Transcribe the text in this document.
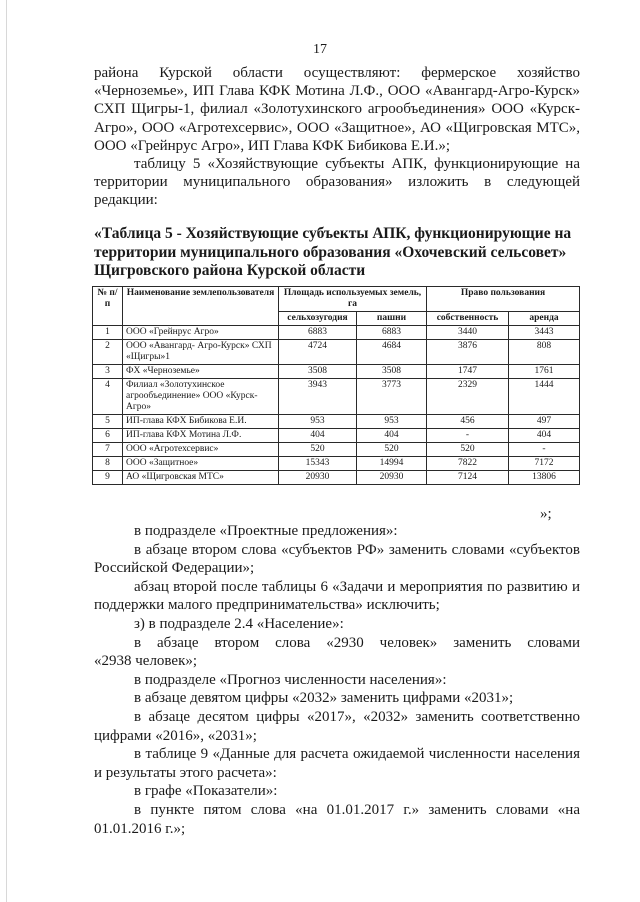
17

района Курской области осуществляют: фермерское хозяйство

«Черноземье», ИП Глава КФК Мотина Л.Ф., ООО «Авангард-Агро-Курск»

СХП Щигры-1, филиал «Золотухинского агрообъединения» ООО «Курск-

Агро», ООО «Агротехсервис», ООО «Защитное», АО «Щигровская МТС»,

ООО «Грейнрус Агро», ИП Глава КФК Бибикова Е.И.»;

таблицу 5 «Хозяйствующие субъекты АПК, функционирующие на

территории муниципального образования» изложить в следующей

редакции:

«Таблица 5 - Хозяйствующие субъекты АПК, функционирующие на
территории муниципального образования «Охочевский сельсовет»
Щигровского района Курской области
№ п/п	Наименование землепользователя	Площадь используемых земель, га		Право пользования	
		сельхозугодия	пашни	собственность	аренда
1	ООО «Грейнрус Агро»	6883	6883	3440	3443
2	ООО «Авангард- Агро-Курск» СХП «Щигры»1	4724	4684	3876	808
3	ФХ «Черноземье»	3508	3508	1747	1761
4	Филиал «Золотухинское агрообъединение» ООО «Курск-Агро»	3943	3773	2329	1444
5	ИП-глава КФХ Бибикова Е.И.	953	953	456	497
6	ИП-глава КФХ Мотина Л.Ф.	404	404	-	404
7	ООО «Агротехсервис»	520	520	520	-
8	ООО «Защитное»	15343	14994	7822	7172
9	АО «Щигровская МТС»	20930	20930	7124	13806
»;

в подразделе «Проектные предложения»:

в абзаце втором слова «субъектов РФ» заменить словами «субъектов

Российской Федерации»;

абзац второй после таблицы 6 «Задачи и мероприятия по развитию и

поддержки малого предпринимательства» исключить;

з) в подразделе 2.4 «Население»:

в абзаце втором слова «2930 человек» заменить словами

«2938 человек»;

в подразделе «Прогноз численности населения»:

в абзаце девятом цифры «2032» заменить цифрами «2031»;

в абзаце десятом цифры «2017», «2032» заменить соответственно

цифрами «2016», «2031»;

в таблице 9 «Данные для расчета ожидаемой численности населения

и результаты этого расчета»:

в графе «Показатели»:

в пункте пятом слова «на 01.01.2017 г.» заменить словами «на

01.01.2016 г.»;
